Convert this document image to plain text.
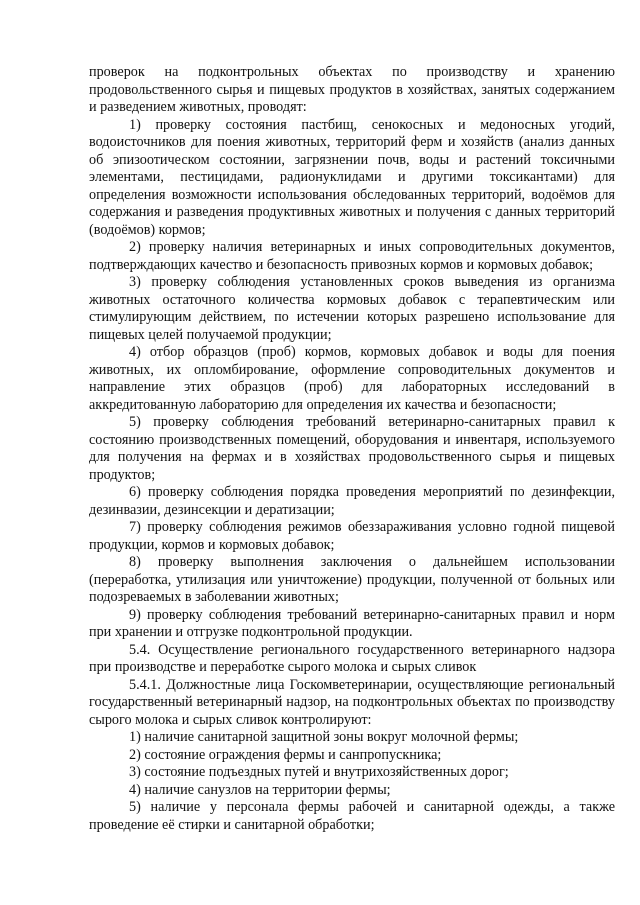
проверок на подконтрольных объектах по производству и хранению продовольственного сырья и пищевых продуктов в хозяйствах, занятых содержанием и разведением животных, проводят:

1) проверку состояния пастбищ, сенокосных и медоносных угодий, водоисточников для поения животных, территорий ферм и хозяйств (анализ данных об эпизоотическом состоянии, загрязнении почв, воды и растений токсичными элементами, пестицидами, радионуклидами и другими токсикантами) для определения возможности использования обследованных территорий, водоёмов для содержания и разведения продуктивных животных и получения с данных территорий (водоёмов) кормов;

2) проверку наличия ветеринарных и иных сопроводительных документов, подтверждающих качество и безопасность привозных кормов и кормовых добавок;

3) проверку соблюдения установленных сроков выведения из организма животных остаточного количества кормовых добавок с терапевтическим или стимулирующим действием, по истечении которых разрешено использование для пищевых целей получаемой продукции;

4) отбор образцов (проб) кормов, кормовых добавок и воды для поения животных, их опломбирование, оформление сопроводительных документов и направление этих образцов (проб) для лабораторных исследований в аккредитованную лабораторию для определения их качества и безопасности;

5) проверку соблюдения требований ветеринарно-санитарных правил к состоянию производственных помещений, оборудования и инвентаря, используемого для получения на фермах и в хозяйствах продовольственного сырья и пищевых продуктов;

6) проверку соблюдения порядка проведения мероприятий по дезинфекции, дезинвазии, дезинсекции и дератизации;

7) проверку соблюдения режимов обеззараживания условно годной пищевой продукции, кормов и кормовых добавок;

8) проверку выполнения заключения о дальнейшем использовании (переработка, утилизация или уничтожение) продукции, полученной от больных или подозреваемых в заболевании животных;

9) проверку соблюдения требований ветеринарно-санитарных правил и норм при хранении и отгрузке подконтрольной продукции.

5.4. Осуществление регионального государственного ветеринарного надзора при производстве и переработке сырого молока и сырых сливок

5.4.1. Должностные лица Госкомветеринарии, осуществляющие региональный государственный ветеринарный надзор, на подконтрольных объектах по производству сырого молока и сырых сливок контролируют:

1) наличие санитарной защитной зоны вокруг молочной фермы;

2) состояние ограждения фермы и санпропускника;

3) состояние подъездных путей и внутрихозяйственных дорог;

4) наличие санузлов на территории фермы;

5) наличие у персонала фермы рабочей и санитарной одежды, а также проведение её стирки и санитарной обработки;
